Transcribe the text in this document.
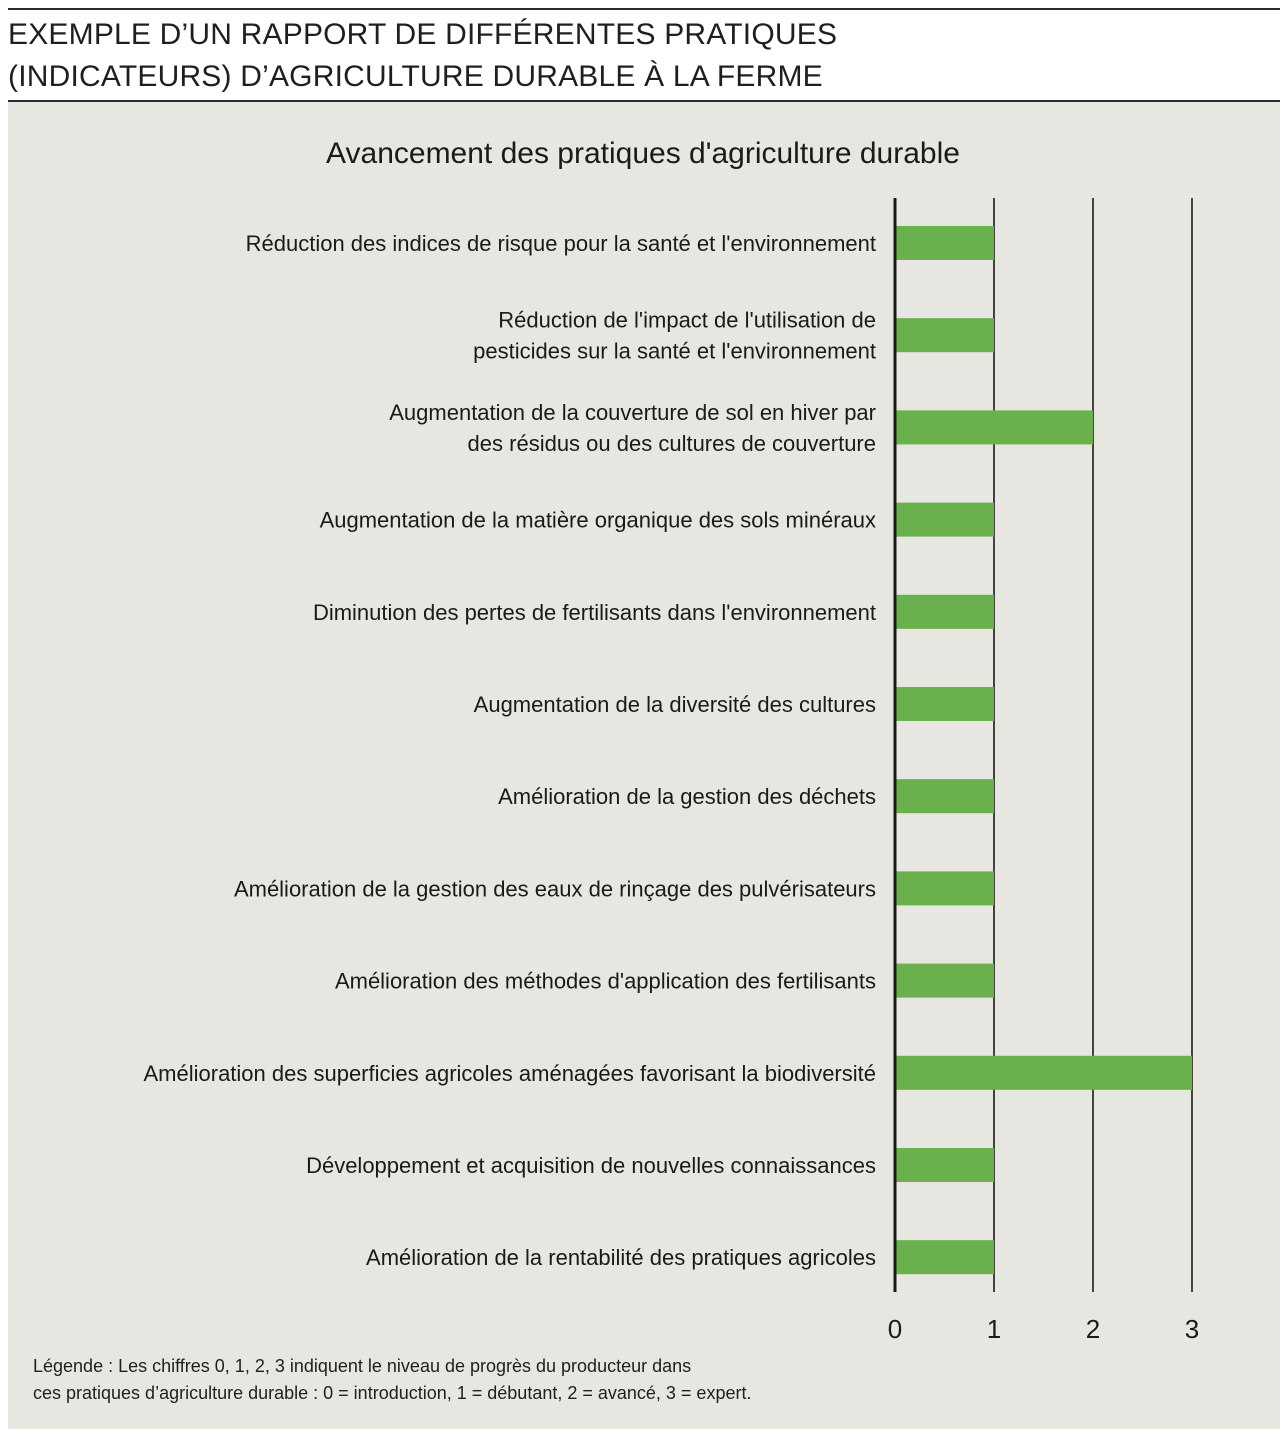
EXEMPLE D’UN RAPPORT DE DIFFÉRENTES PRATIQUES
(INDICATEURS) D’AGRICULTURE DURABLE À LA FERME
Avancement des pratiques d'agriculture durable
Réduction des indices de risque pour la santé et l'environnement
Réduction de l'impact de l'utilisation de pesticides sur la santé et l'environnement
Augmentation de la couverture de sol en hiver par des résidus ou des cultures de couverture
Augmentation de la matière organique des sols minéraux
Diminution des pertes de fertilisants dans l'environnement
Augmentation de la diversité des cultures
Amélioration de la gestion des déchets
Amélioration de la gestion des eaux de rinçage des pulvérisateurs
Amélioration des méthodes d'application des fertilisants
Amélioration des superficies agricoles aménagées favorisant la biodiversité
Développement et acquisition de nouvelles connaissances
Amélioration de la rentabilité des pratiques agricoles
0	1	2	3
Légende : Les chiffres 0, 1, 2, 3 indiquent le niveau de progrès du producteur dans
ces pratiques d’agriculture durable : 0 = introduction, 1 = débutant, 2 = avancé, 3 = expert.
